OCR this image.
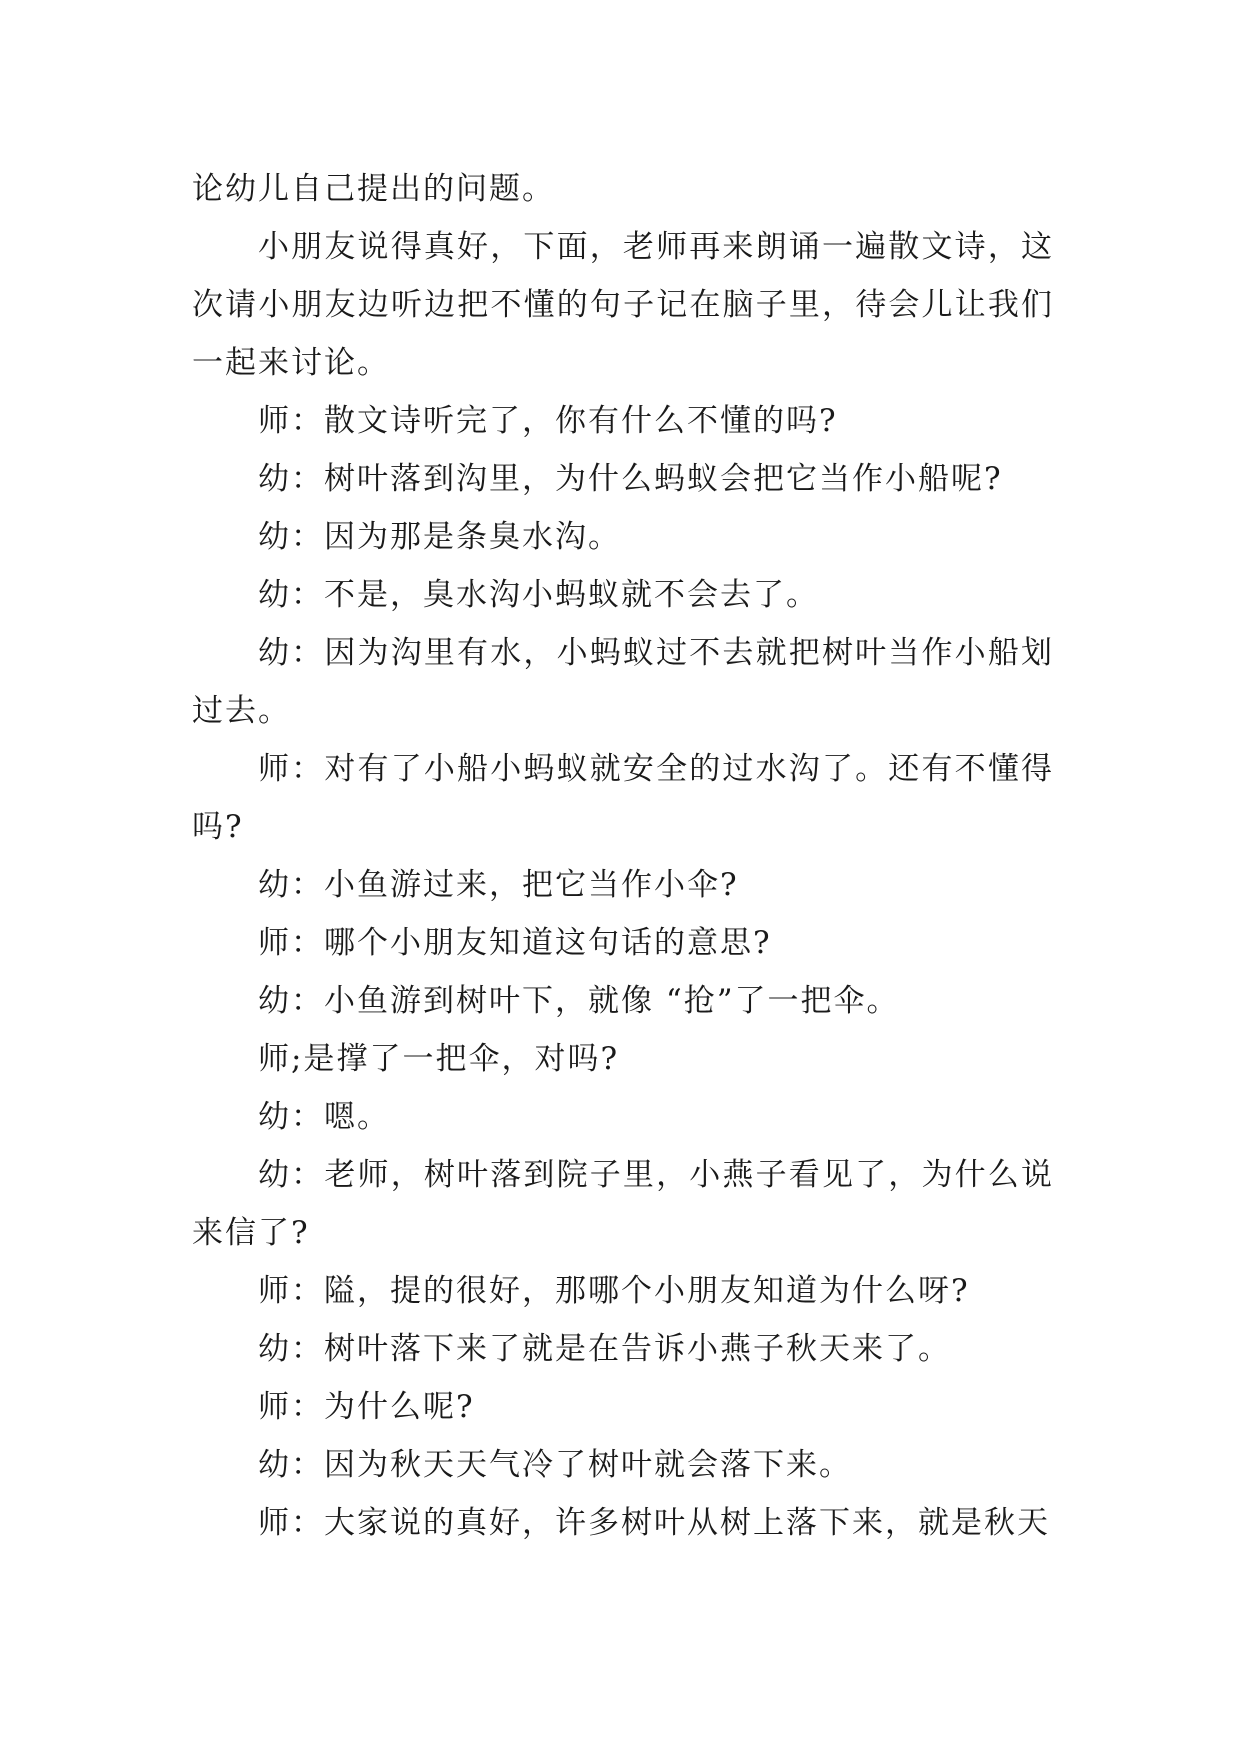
论幼儿自己提出的问题。

小朋友说得真好，下面，老师再来朗诵一遍散文诗，这次请小朋友边听边把不懂的句子记在脑子里，待会儿让我们一起来讨论。

师：散文诗听完了，你有什么不懂的吗?

幼：树叶落到沟里，为什么蚂蚁会把它当作小船呢?

幼：因为那是条臭水沟。

幼：不是，臭水沟小蚂蚁就不会去了。

幼：因为沟里有水，小蚂蚁过不去就把树叶当作小船划过去。

师：对有了小船小蚂蚁就安全的过水沟了。还有不懂得吗?

幼：小鱼游过来，把它当作小伞?

师：哪个小朋友知道这句话的意思?

幼：小鱼游到树叶下，就像 “抢”了一把伞。

师;是撑了一把伞，对吗?

幼：嗯。

幼：老师，树叶落到院子里，小燕子看见了，为什么说来信了?

师：隘，提的很好，那哪个小朋友知道为什么呀?

幼：树叶落下来了就是在告诉小燕子秋天来了。

师：为什么呢?

幼：因为秋天天气冷了树叶就会落下来。

师：大家说的真好，许多树叶从树上落下来，就是秋天
